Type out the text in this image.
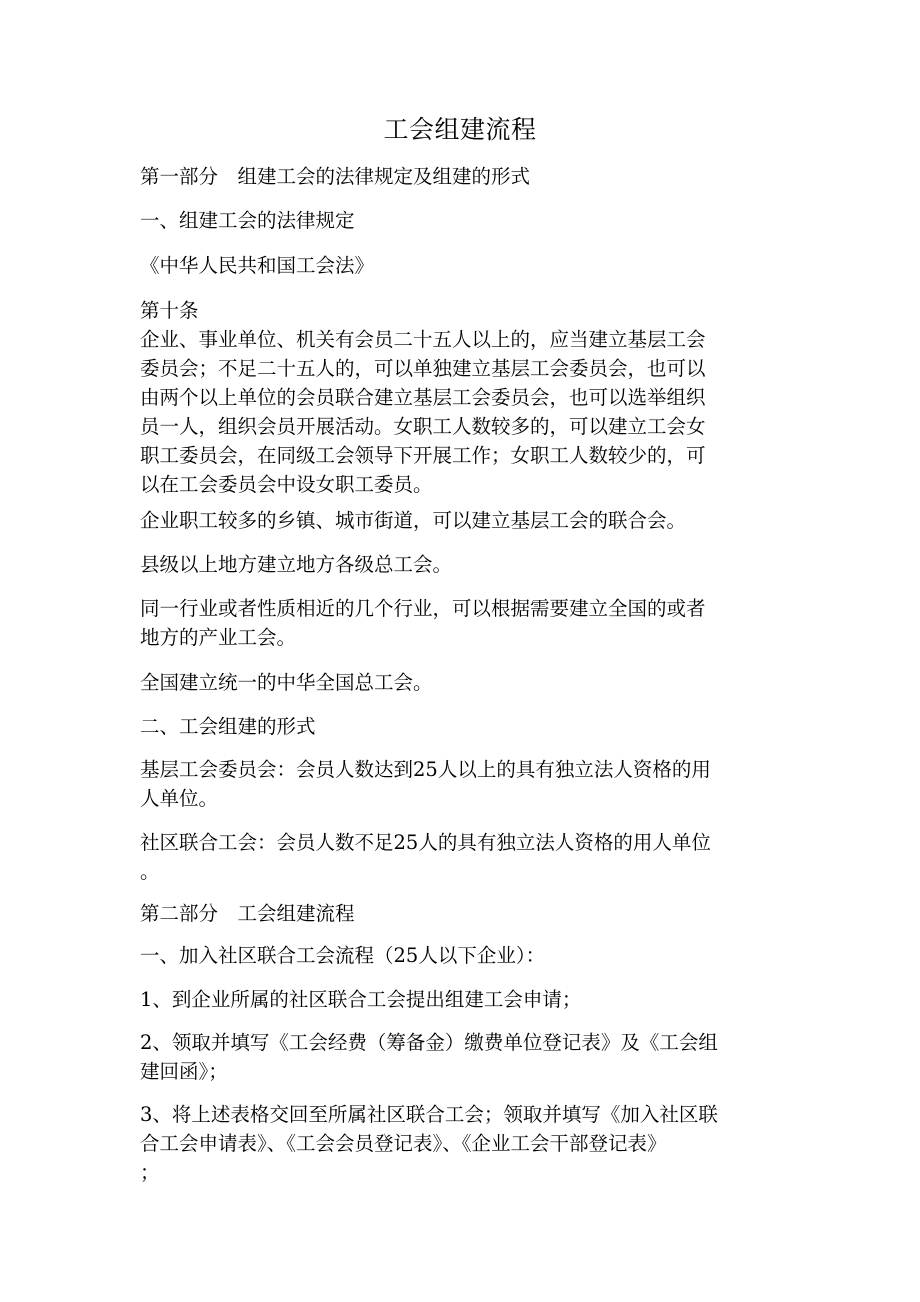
工会组建流程
第一部分　组建工会的法律规定及组建的形式
一、组建工会的法律规定
《中华人民共和国工会法》
第十条
企业、事业单位、机关有会员二十五人以上的，应当建立基层工会
委员会；不足二十五人的，可以单独建立基层工会委员会，也可以
由两个以上单位的会员联合建立基层工会委员会，也可以选举组织
员一人，组织会员开展活动。女职工人数较多的，可以建立工会女
职工委员会，在同级工会领导下开展工作；女职工人数较少的，可
以在工会委员会中设女职工委员。
企业职工较多的乡镇、城市街道，可以建立基层工会的联合会。
县级以上地方建立地方各级总工会。
同一行业或者性质相近的几个行业，可以根据需要建立全国的或者
地方的产业工会。
全国建立统一的中华全国总工会。
二、工会组建的形式
基层工会委员会：会员人数达到25人以上的具有独立法人资格的用
人单位。
社区联合工会：会员人数不足25人的具有独立法人资格的用人单位
。
第二部分　工会组建流程
一、加入社区联合工会流程（25人以下企业）：
1、到企业所属的社区联合工会提出组建工会申请；
2、领取并填写《工会经费（筹备金）缴费单位登记表》及《工会组
建回函》；
3、将上述表格交回至所属社区联合工会；领取并填写《加入社区联
合工会申请表》、《工会会员登记表》、《企业工会干部登记表》
；
